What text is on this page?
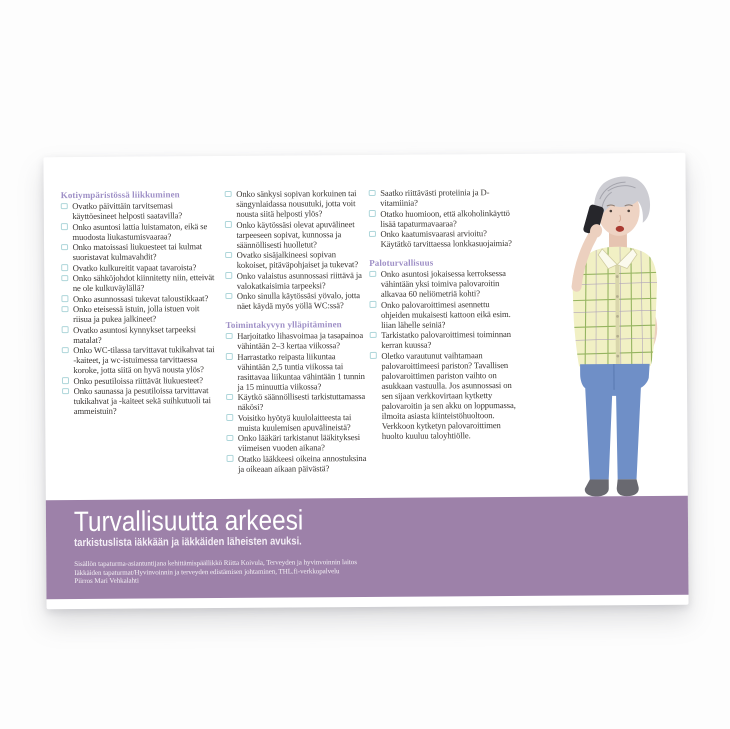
Kotiympäristössä liikkuminen
Ovatko päivittäin tarvitsemasi käyttöesineet helposti saatavilla?
Onko asuntosi lattia luistamaton, eikä se muodosta liukastumisvaaraa?
Onko matoissasi liukuesteet tai kulmat suoristavat kulmavahdit?
Ovatko kulkureitit vapaat tavaroista?
Onko sähköjohdot kiinnitetty niin, etteivät ne ole kulkuväylällä?
Onko asunnossasi tukevat taloustikkaat?
Onko eteisessä istuin, jolla istuen voit riisua ja pukea jalkineet?
Ovatko asuntosi kynnykset tarpeeksi matalat?
Onko WC-tilassa tarvittavat tukikahvat tai -kaiteet, ja wc-istuimessa tarvittaessa koroke, jotta siitä on hyvä nousta ylös?
Onko pesutiloissa riittävät liukuesteet?
Onko saunassa ja pesutiloissa tarvittavat tukikahvat ja -kaiteet sekä suihkutuoli tai ammeistuin?
Onko sänkysi sopivan korkuinen tai sängynlaidassa nousutuki, jotta voit nousta siitä helposti ylös?
Onko käytössäsi olevat apuvälineet tarpeeseen sopivat, kunnossa ja säännöllisesti huolletut?
Ovatko sisäjalkineesi sopivan kokoiset, pitäväpohjaiset ja tukevat?
Onko valaistus asunnossasi riittävä ja valokatkaisimia tarpeeksi?
Onko sinulla käytössäsi yövalo, jotta näet käydä myös yöllä WC:ssä?
Toimintakyvyn ylläpitäminen
Harjoitatko lihasvoimaa ja tasapainoa vähintään 2–3 kertaa viikossa?
Harrastatko reipasta liikuntaa vähintään 2,5 tuntia viikossa tai rasittavaa liikuntaa vähintään 1 tunnin ja 15 minuuttia viikossa?
Käytkö säännöllisesti tarkistuttamassa näkösi?
Voisitko hyötyä kuulolaitteesta tai muista kuulemisen apuvälineistä?
Onko lääkäri tarkistanut lääkityksesi viimeisen vuoden aikana?
Otatko lääkkeesi oikeina annostuksina ja oikeaan aikaan päivästä?
Saatko riittävästi proteiinia ja D-vitamiinia?
Otatko huomioon, että alkoholinkäyttö lisää tapaturmavaaraa?
Onko kaatumisvaarasi arvioitu? Käytätkö tarvittaessa lonkkasuojaimia?
Paloturvallisuus
Onko asuntosi jokaisessa kerroksessa vähintään yksi toimiva palovaroitin alkavaa 60 neliömetriä kohti?
Onko palovaroittimesi asennettu ohjeiden mukaisesti kattoon eikä esim. liian lähelle seiniä?
Tarkistatko palovaroittimesi toiminnan kerran kuussa?
Oletko varautunut vaihtamaan palovaroittimeesi pariston? Tavallisen palovaroittimen pariston vaihto on asukkaan vastuulla. Jos asunnossasi on sen sijaan verkkovirtaan kytketty palovaroitin ja sen akku on loppumassa, ilmoita asiasta kiinteistöhuoltoon. Verkkoon kytketyn palovaroittimen huolto kuuluu taloyhtiölle.
Turvallisuutta arkeesi
tarkistuslista iäkkään ja iäkkäiden läheisten avuksi.
Sisällön tapaturma-asiantuntijana kehittämispäällikkö Riitta Koivula, Terveyden ja hyvinvoinnin laitos
Iäkkäiden tapaturmat/Hyvinvoinnin ja terveyden edistämisen johtaminen, THL.fi-verkkopalvelu
Piirros Mari Vehkalahti
